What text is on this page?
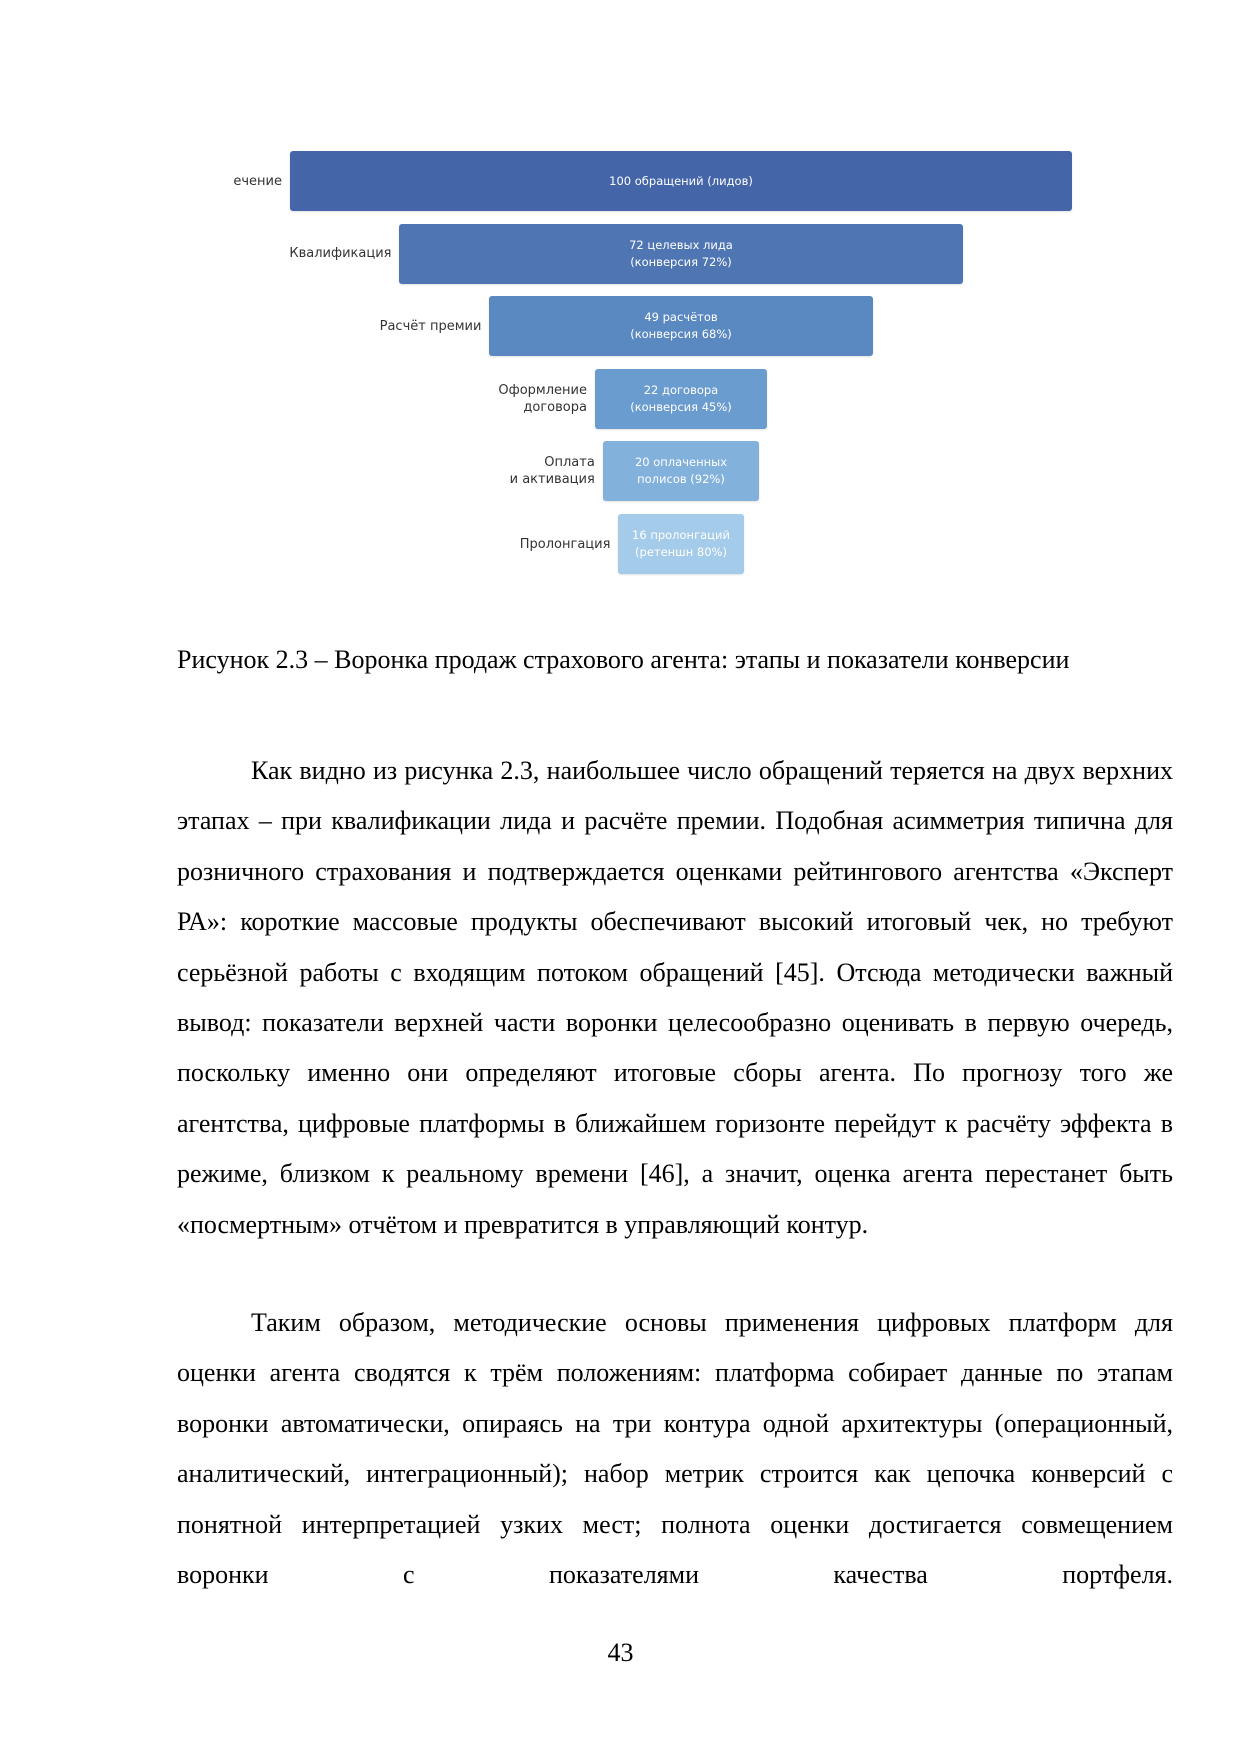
ечение	100 обращений (лидов)
Квалификация
72 целевых лида
(конверсия 72%)
Расчёт премии
49 расчётов
(конверсия 68%)
Оформление
договора
22 договора
(конверсия 45%)
Оплата
и активация
20 оплаченных
полисов (92%)
Пролонгация
16 пролонгаций
(ретеншн 80%)
Рисунок 2.3 – Воронка продаж страхового агента: этапы и показатели конверсии
Как видно из рисунка 2.3, наибольшее число обращений теряется на двух верхних этапах – при квалификации лида и расчёте премии. Подобная асимметрия типична для розничного страхования и подтверждается оценками рейтингового агентства «Эксперт РА»: короткие массовые продукты обеспечивают высокий итоговый чек, но требуют серьёзной работы с входящим потоком обращений [45]. Отсюда методически важный вывод: показатели верхней части воронки целесообразно оценивать в первую очередь, поскольку именно они определяют итоговые сборы агента. По прогнозу того же агентства, цифровые платформы в ближайшем горизонте перейдут к расчёту эффекта в режиме, близком к реальному времени [46], а значит, оценка агента перестанет быть «посмертным» отчётом и превратится в управляющий контур.
Таким образом, методические основы применения цифровых платформ для оценки агента сводятся к трём положениям: платформа собирает данные по этапам воронки автоматически, опираясь на три контура одной архитектуры (операционный, аналитический, интеграционный); набор метрик строится как цепочка конверсий с понятной интерпретацией узких мест; полнота оценки достигается совмещением воронки с показателями качества портфеля.
43
